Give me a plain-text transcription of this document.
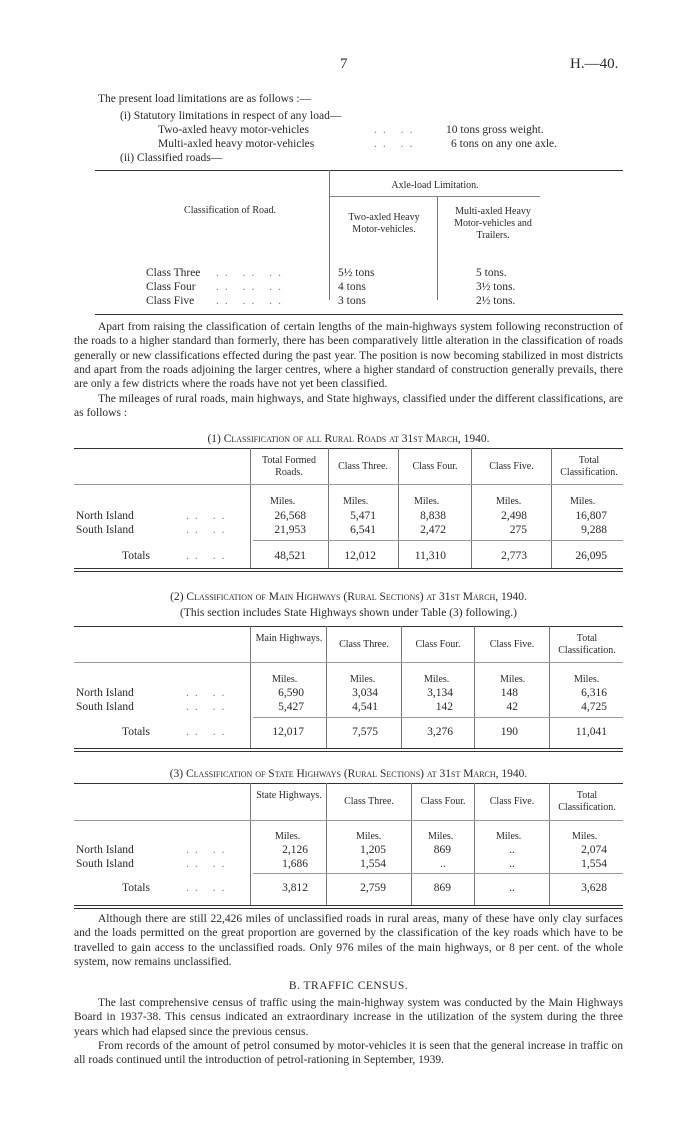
7	H.—40.
The present load limitations are as follows :—
(i) Statutory limitations in respect of any load—
Two-axled heavy motor-vehicles	.. .. 10 tons gross weight.
Multi-axled heavy motor-vehicles	.. ..	6 tons on any one axle.
(ii) Classified roads—
Axle-load Limitation.
Classification of Road.
Two-axled Heavy Motor-vehicles.
Multi-axled Heavy Motor-vehicles and Trailers.
Class Three .. .. ..	5½ tons	5 tons.
Class Four .. .. ..	4 tons	3½ tons.
Class Five .. .. ..	3 tons	2½ tons.
Apart from raising the classification of certain lengths of the main-highways system following reconstruction of the roads to a higher standard than formerly, there has been comparatively little alteration in the classification of roads generally or new classifications effected during the past year. The position is now becoming stabilized in most districts and apart from the roads adjoining the larger centres, where a higher standard of construction generally prevails, there are only a few districts where the roads have not yet been classified.
The mileages of rural roads, main highways, and State highways, classified under the different classifications, are as follows :
(1) Classification of all Rural Roads at 31st March, 1940.
Total Formed Roads.
Class Three.	Class Four.	Class Five.
Total Classification.
Miles.	Miles.	Miles.	Miles.	Miles.
North Island	.. ..	26,568	5,471	8,838	2,498	16,807
South Island	.. ..	21,953	6,541	2,472	275	9,288
Totals	.. ..	48,521	12,012	11,310	2,773	26,095
(2) Classification of Main Highways (Rural Sections) at 31st March, 1940.
(This section includes State Highways shown under Table (3) following.)
Main Highways.
Class Three.	Class Four.	Class Five.
Total Classification.
Miles.	Miles.	Miles.	Miles.	Miles.
North Island	.. ..	6,590	3,034	3,134	148	6,316
South Island	.. ..	5,427	4,541	142	42	4,725
Totals	.. ..	12,017	7,575	3,276	190	11,041
(3) Classification of State Highways (Rural Sections) at 31st March, 1940.
State Highways.
Class Three.	Class Four.	Class Five.
Total Classification.
Miles.	Miles.	Miles.	Miles.	Miles.
North Island	.. ..	2,126	1,205	869	..	2,074
South Island	.. ..	1,686	1,554	..	..	1,554
Totals	.. ..	3,812	2,759	869	..	3,628
Although there are still 22,426 miles of unclassified roads in rural areas, many of these have only clay surfaces and the loads permitted on the great proportion are governed by the classification of the key roads which have to be travelled to gain access to the unclassified roads. Only 976 miles of the main highways, or 8 per cent. of the whole system, now remains unclassified.
B. TRAFFIC CENSUS.
The last comprehensive census of traffic using the main-highway system was conducted by the Main Highways Board in 1937-38. This census indicated an extraordinary increase in the utilization of the system during the three years which had elapsed since the previous census.
From records of the amount of petrol consumed by motor-vehicles it is seen that the general increase in traffic on all roads continued until the introduction of petrol-rationing in September, 1939.
